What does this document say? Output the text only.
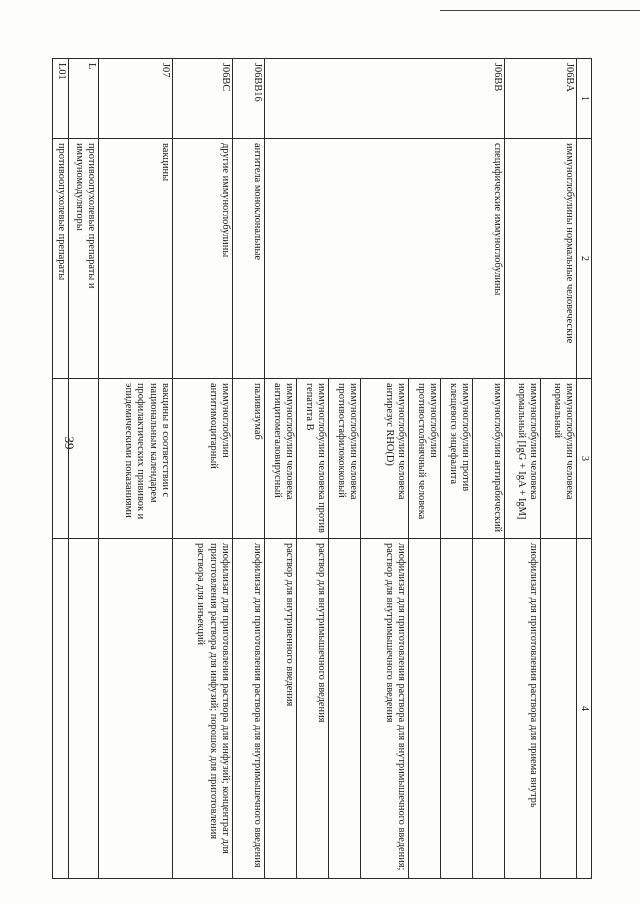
39
1	2	3	4
J06BA	иммуноглобулины нормальные человеческие	иммуноглобулин человека нормальный	
		иммуноглобулин человека нормальный [IgG + IgA + IgM]	лиофилизат для приготовления раствора для приема внутрь
J06BB	специфические иммуноглобулины	иммуноглобулин антирабический	
		иммуноглобулин против клещевого энцефалита	
		иммуноглобулин противостолбнячный человека	
		иммуноглобулин человека антирезус RHO(D)	лиофилизат для приготовления раствора для внутримышечного введения; раствор для внутримышечного введения
		иммуноглобулин человека противостафилококковый	
		иммуноглобулин человека против гепатита B	раствор для внутримышечного введения
		иммуноглобулин человека антицитомегаловирусный	раствор для внутривенного введения
J06BB16	антитела моноклональные	паливизумаб	лиофилизат для приготовления раствора для внутримышечного введения
J06BC	другие иммуноглобулины	иммуноглобулин антитимоцитарный	лиофилизат для приготовления раствора для инфузий; концентрат для приготовления раствора для инфузий; порошок для приготовления раствора для инъекций
J07	вакцины	вакцины в соответствии с национальным календарем профилактических прививок и эпидемическими показаниями	
L	противоопухолевые препараты и иммуномодуляторы		
L01	противоопухолевые препараты		
